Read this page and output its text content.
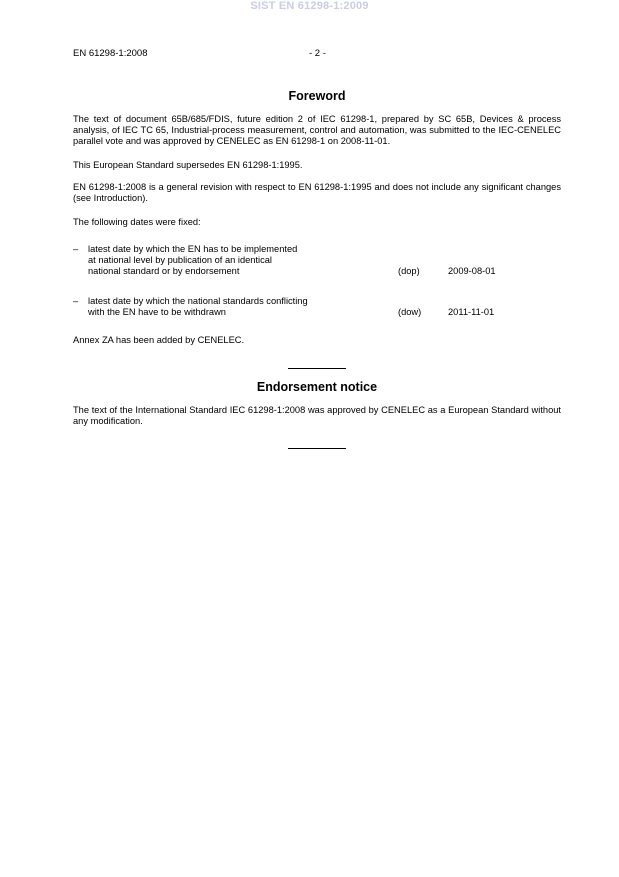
SIST EN 61298-1:2009
EN 61298-1:2008	- 2 -
Foreword
The text of document 65B/685/FDIS, future edition 2 of IEC 61298-1, prepared by SC 65B, Devices & process analysis, of IEC TC 65, Industrial-process measurement, control and automation, was submitted to the IEC-CENELEC parallel vote and was approved by CENELEC as EN 61298-1 on 2008-11-01.
This European Standard supersedes EN 61298-1:1995.
EN 61298-1:2008 is a general revision with respect to EN 61298-1:1995 and does not include any significant changes (see Introduction).
The following dates were fixed:
– latest date by which the EN has to be implemented
at national level by publication of an identical
national standard or by endorsement	(dop)	2009-08-01
– latest date by which the national standards conflicting
with the EN have to be withdrawn	(dow)	2011-11-01
Annex ZA has been added by CENELEC.
Endorsement notice
The text of the International Standard IEC 61298-1:2008 was approved by CENELEC as a European Standard without any modification.
